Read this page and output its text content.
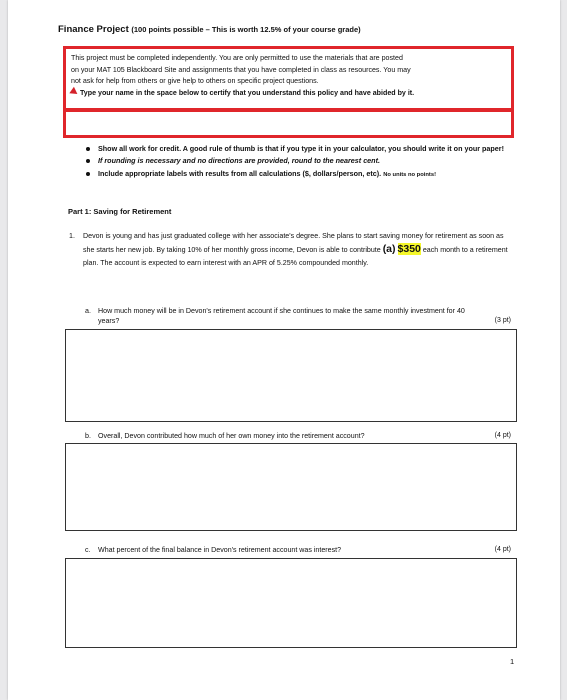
Finance Project (100 points possible – This is worth 12.5% of your course grade)
This project must be completed independently. You are only permitted to use the materials that are posted
on your MAT 105 Blackboard Site and assignments that you have completed in class as resources. You may
not ask for help from others or give help to others on specific project questions.
Type your name in the space below to certify that you understand this policy and have abided by it.
Show all work for credit. A good rule of thumb is that if you type it in your calculator, you should write it on your paper!
If rounding is necessary and no directions are provided, round to the nearest cent.
Include appropriate labels with results from all calculations ($, dollars/person, etc). No units no points!
Part 1: Saving for Retirement
1. Devon is young and has just graduated college with her associate's degree. She plans to start saving money for retirement as soon as she starts her new job. By taking 10% of her monthly gross income, Devon is able to contribute (a) $350 each month to a retirement plan. The account is expected to earn interest with an APR of 5.25% compounded monthly.
a. How much money will be in Devon's retirement account if she continues to make the same monthly investment for 40 years?	(3 pt)
b. Overall, Devon contributed how much of her own money into the retirement account?	(4 pt)
c. What percent of the final balance in Devon's retirement account was interest?	(4 pt)
1
